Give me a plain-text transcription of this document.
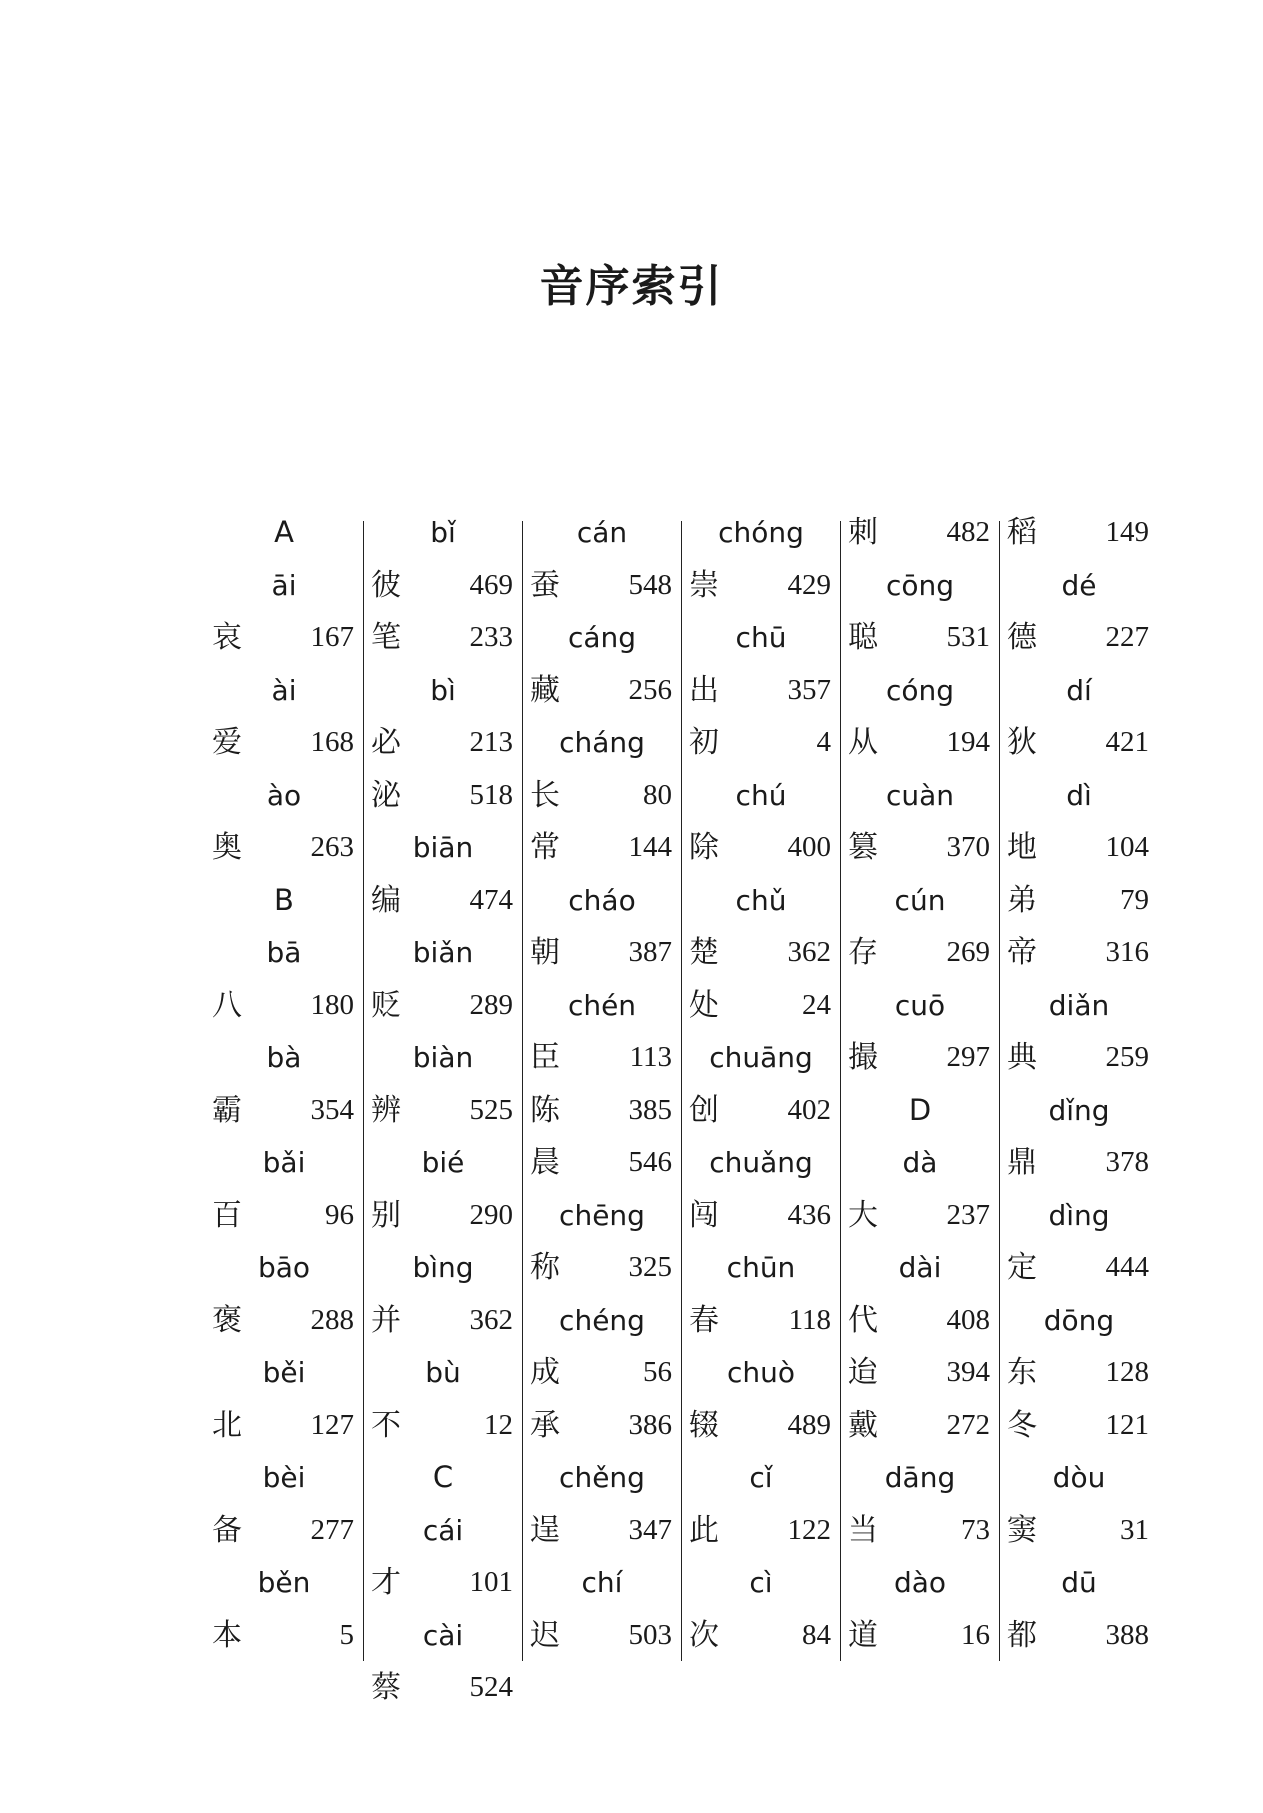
音序索引
A
āi
哀 167
ài
爱 168
ào
奥 263
B
bā
八 180
bà
霸 354
bǎi
百	96
bāo
褒 288
běi
北 127
bèi
备 277
běn
本	5
bǐ
彼 469
笔 233
bì
必 213
泌 518
biān
编 474
biǎn
贬 289
biàn
辨 525
bié
别 290
bìng
并 362
bù
不	12
C
cái
才 101
cài
蔡 524
cán
蚕 548
cáng
藏 256
cháng
长	80
常 144
cháo
朝 387
chén
臣 113
陈 385
晨 546
chēng
称 325
chéng
成	56
承 386
chěng
逞 347
chí
迟 503
chóng
崇 429
chū
出 357
初	4
chú
除 400
chǔ
楚 362
处	24
chuāng
创 402
chuǎng
闯 436
chūn
春 118
chuò
辍 489
cǐ
此 122
cì
次	84
刺 482
cōng
聪 531
cóng
从 194
cuàn
篡 370
cún
存 269
cuō
撮 297
D
dà
大 237
dài
代 408
迨 394
戴 272
dāng
当	73
dào
道	16
稻 149
dé
德 227
dí
狄 421
dì
地 104
弟	79
帝 316
diǎn
典 259
dǐng
鼎 378
dìng
定 444
dōng
东 128
冬 121
dòu
窦	31
dū
都 388
